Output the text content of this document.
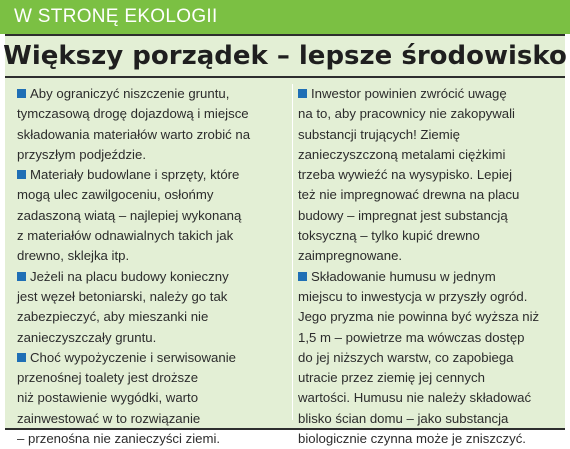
W STRONĘ EKOLOGII
Większy porządek – lepsze środowisko
Aby ograniczyć niszczenie gruntu,
tymczasową drogę dojazdową i miejsce
składowania materiałów warto zrobić na
przyszłym podjeździe.
Materiały budowlane i sprzęty, które
mogą ulec zawilgoceniu, osłońmy
zadaszoną wiatą – najlepiej wykonaną
z materiałów odnawialnych takich jak
drewno, sklejka itp.
Jeżeli na placu budowy konieczny
jest węzeł betoniarski, należy go tak
zabezpieczyć, aby mieszanki nie
zanieczyszczały gruntu.
Choć wypożyczenie i serwisowanie
przenośnej toalety jest droższe
niż postawienie wygódki, warto
zainwestować w to rozwiązanie
– przenośna nie zanieczyści ziemi.
Inwestor powinien zwrócić uwagę
na to, aby pracownicy nie zakopywali
substancji trujących! Ziemię
zanieczyszczoną metalami ciężkimi
trzeba wywieźć na wysypisko. Lepiej
też nie impregnować drewna na placu
budowy – impregnat jest substancją
toksyczną – tylko kupić drewno
zaimpregnowane.
Składowanie humusu w jednym
miejscu to inwestycja w przyszły ogród.
Jego pryzma nie powinna być wyższa niż
1,5 m – powietrze ma wówczas dostęp
do jej niższych warstw, co zapobiega
utracie przez ziemię jej cennych
wartości. Humusu nie należy składować
blisko ścian domu – jako substancja
biologicznie czynna może je zniszczyć.
